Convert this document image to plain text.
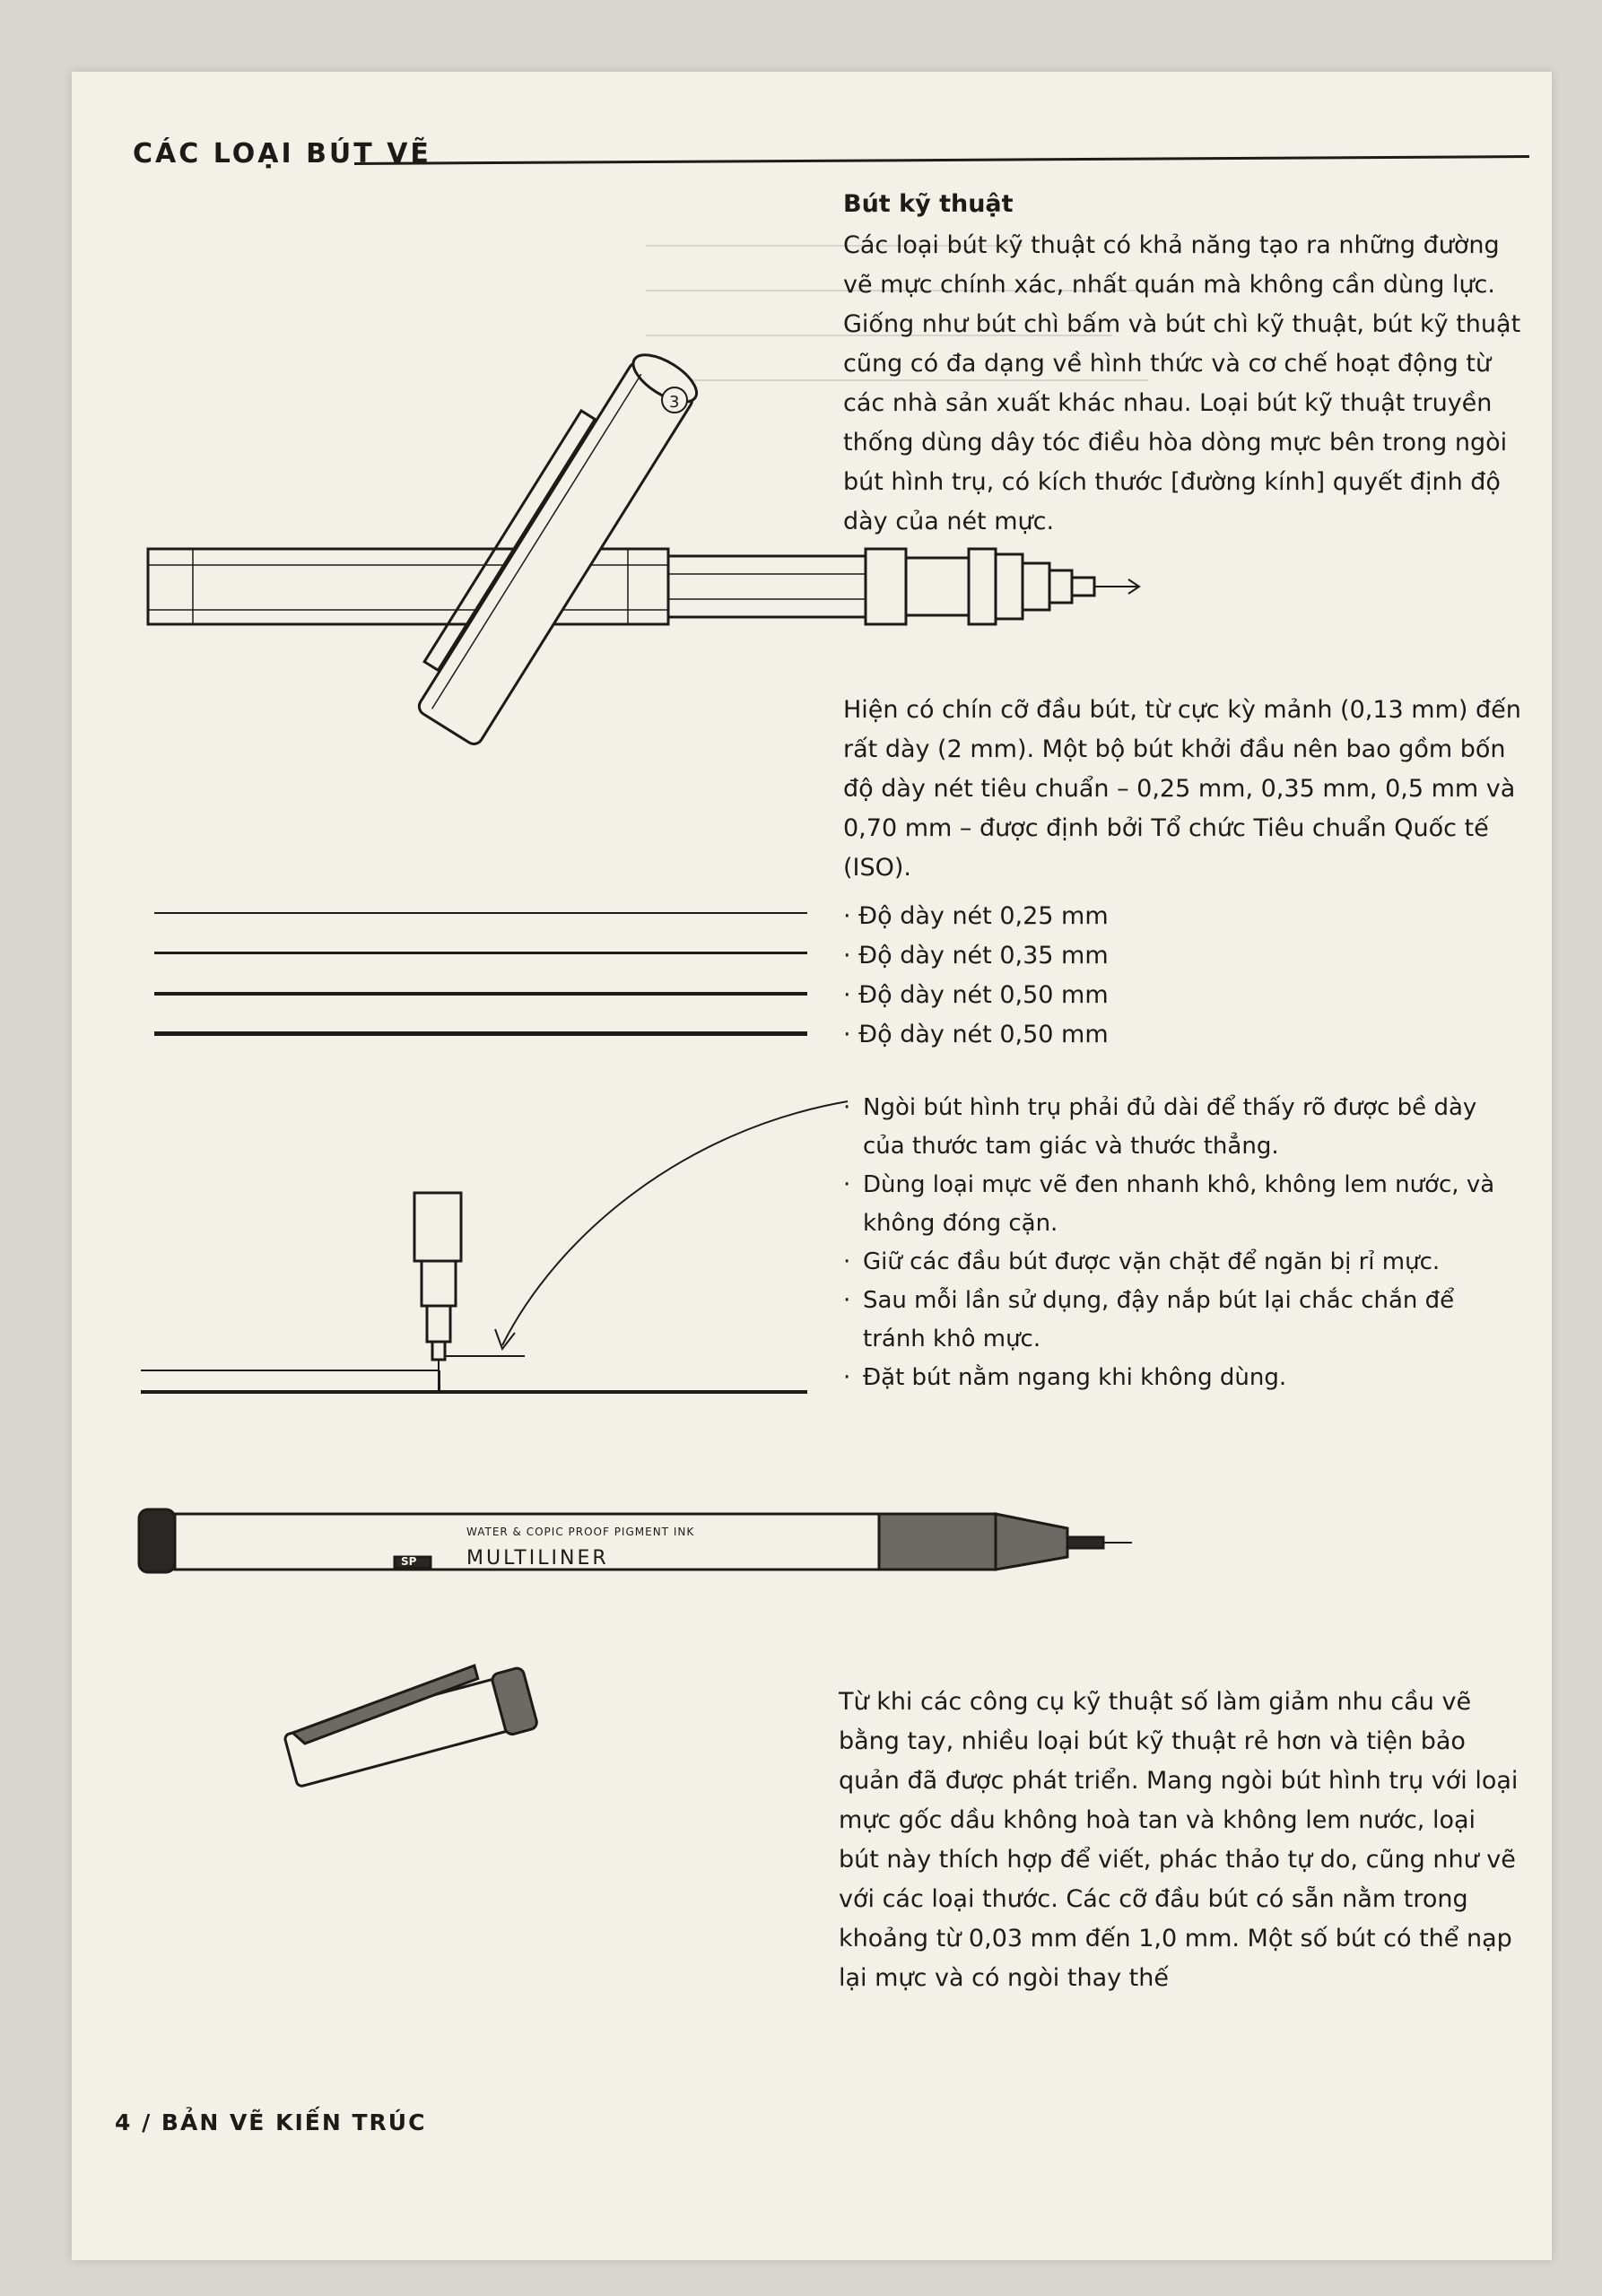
CÁC LOẠI BÚT VẼ
Bút kỹ thuật

Các loại bút kỹ thuật có khả năng tạo ra những đường vẽ mực chính xác, nhất quán mà không cần dùng lực. Giống như bút chì bấm và bút chì kỹ thuật, bút kỹ thuật cũng có đa dạng về hình thức và cơ chế hoạt động từ các nhà sản xuất khác nhau. Loại bút kỹ thuật truyền thống dùng dây tóc điều hòa dòng mực bên trong ngòi bút hình trụ, có kích thước [đường kính] quyết định độ dày của nét mực.

Hiện có chín cỡ đầu bút, từ cực kỳ mảnh (0,13 mm) đến rất dày (2 mm). Một bộ bút khởi đầu nên bao gồm bốn độ dày nét tiêu chuẩn – 0,25 mm, 0,35 mm, 0,5 mm và 0,70 mm – được định bởi Tổ chức Tiêu chuẩn Quốc tế (ISO).

· Độ dày nét 0,25 mm
· Độ dày nét 0,35 mm
· Độ dày nét 0,50 mm
· Độ dày nét 0,50 mm
· Ngòi bút hình trụ phải đủ dài để thấy rõ được bề dày của thước tam giác và thước thẳng.
· Dùng loại mực vẽ đen nhanh khô, không lem nước, và không đóng cặn.
· Giữ các đầu bút được vặn chặt để ngăn bị rỉ mực.
· Sau mỗi lần sử dụng, đậy nắp bút lại chắc chắn để tránh khô mực.
· Đặt bút nằm ngang khi không dùng.

Từ khi các công cụ kỹ thuật số làm giảm nhu cầu vẽ bằng tay, nhiều loại bút kỹ thuật rẻ hơn và tiện bảo quản đã được phát triển. Mang ngòi bút hình trụ với loại mực gốc dầu không hoà tan và không lem nước, loại bút này thích hợp để viết, phác thảo tự do, cũng như vẽ với các loại thước. Các cỡ đầu bút có sẵn nằm trong khoảng từ 0,03 mm đến 1,0 mm. Một số bút có thể nạp lại mực và có ngòi thay thế

3
MULTILINER
SP
WATER & COPIC PROOF PIGMENT INK
4 / BẢN VẼ KIẾN TRÚC
